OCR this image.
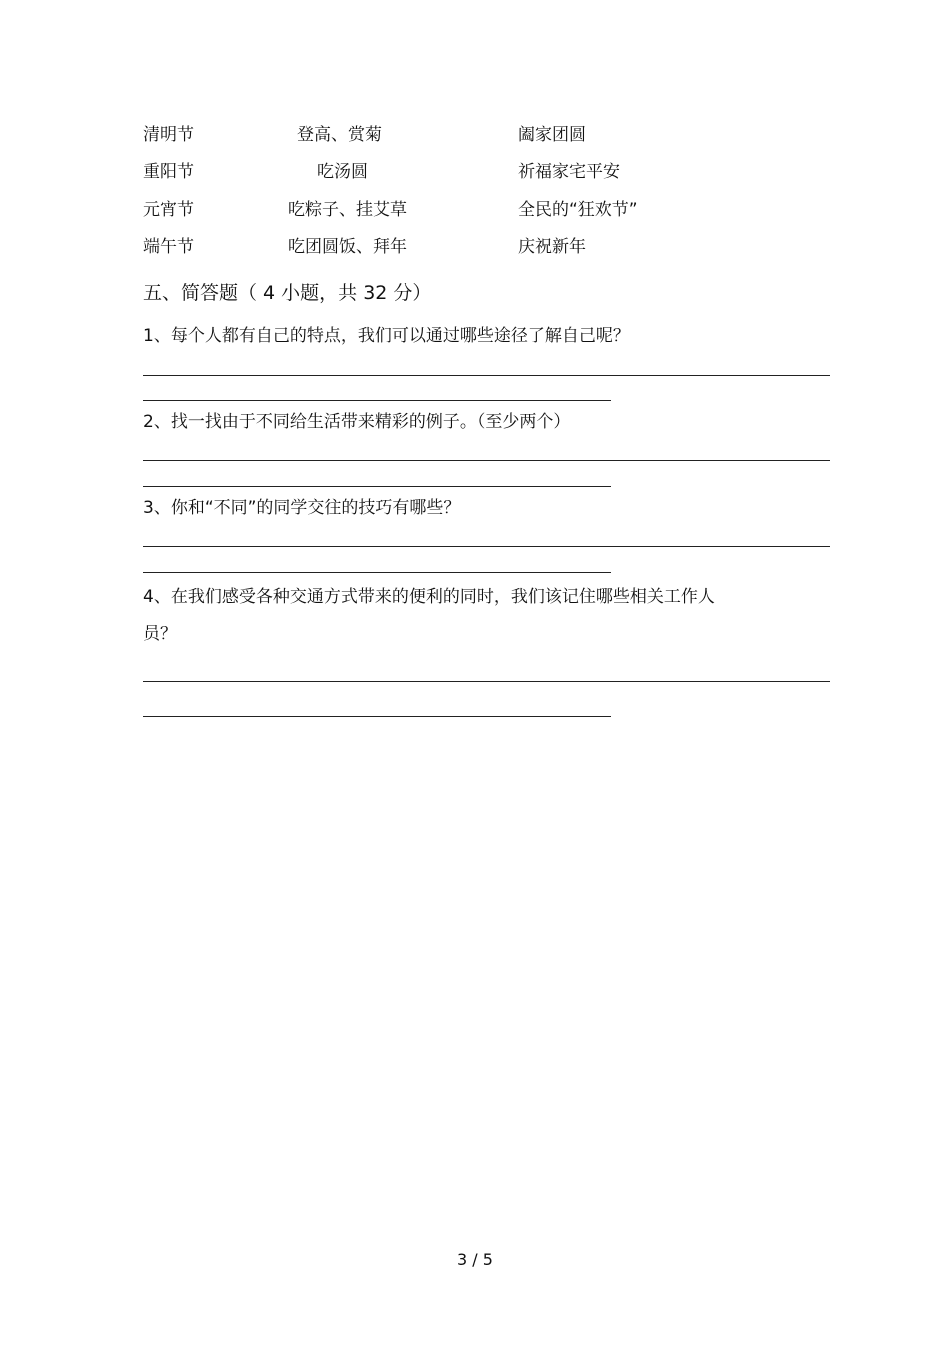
清明节	登高、赏菊	阖家团圆
重阳节	吃汤圆	祈福家宅平安
元宵节	吃粽子、挂艾草	全民的“狂欢节”
端午节	吃团圆饭、拜年	庆祝新年
五、简答题（ 4 小题，共 32 分）
1、每个人都有自己的特点，我们可以通过哪些途径了解自己呢？
2、找一找由于不同给生活带来精彩的例子。（至少两个）
3、你和“不同”的同学交往的技巧有哪些？
4、在我们感受各种交通方式带来的便利的同时，我们该记住哪些相关工作人
员？
3 / 5
